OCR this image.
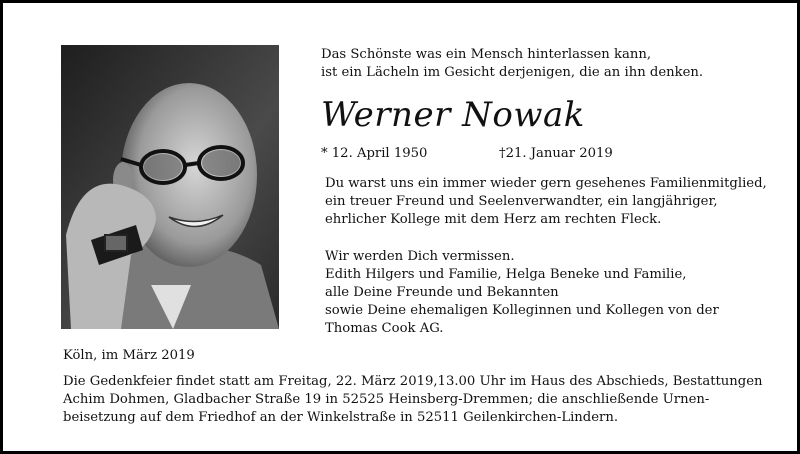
Das Schönste was ein Mensch hinterlassen kann,
ist ein Lächeln im Gesicht derjenigen, die an ihn denken.
Werner Nowak
* 12. April 1950	†21. Januar 2019
Du warst uns ein immer wieder gern gesehenes Familienmitglied,
ein treuer Freund und Seelenverwandter, ein langjähriger,
ehrlicher Kollege mit dem Herz am rechten Fleck.
Wir werden Dich vermissen.
Edith Hilgers und Familie, Helga Beneke und Familie,
alle Deine Freunde und Bekannten
sowie Deine ehemaligen Kolleginnen und Kollegen von der
Thomas Cook AG.
Köln, im März 2019
Die Gedenkfeier findet statt am Freitag, 22. März 2019,13.00 Uhr im Haus des Abschieds, Bestattungen
Achim Dohmen, Gladbacher Straße 19 in 52525 Heinsberg-Dremmen; die anschließende Urnen-
beisetzung auf dem Friedhof an der Winkelstraße in 52511 Geilenkirchen-Lindern.
